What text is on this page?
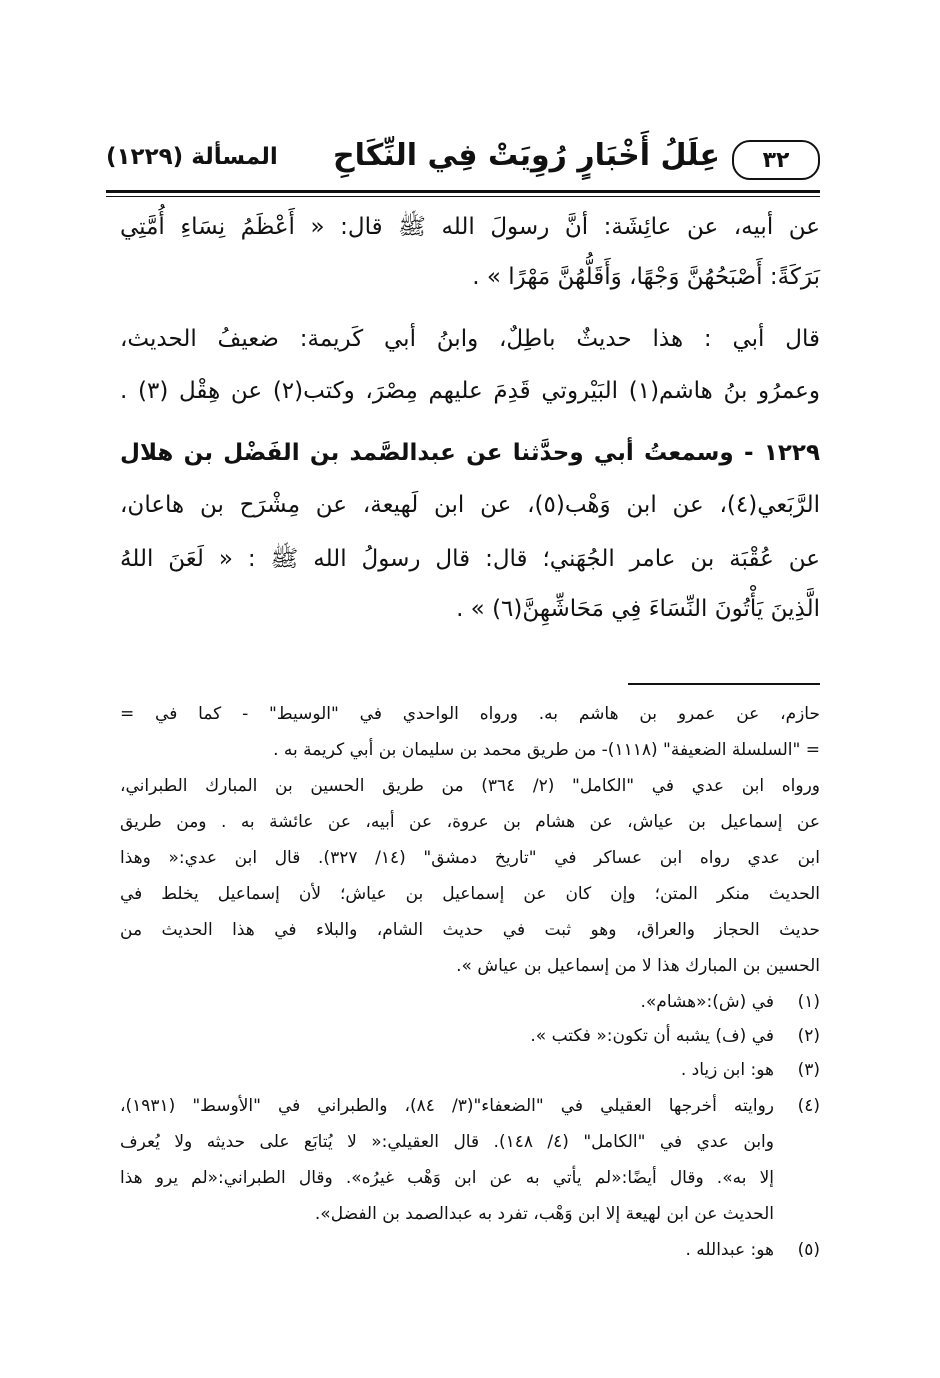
٣٢
عِلَلُ أَخْبَارٍ رُوِيَتْ فِي النِّكَاحِ
المسألة (١٢٢٩)
عن أبيه، عن عائِشَة: أنَّ رسولَ الله ﷺ قال: « أَعْظَمُ نِسَاءِ أُمَّتِي
بَرَكَةً: أَصْبَحُهُنَّ وَجْهًا، وَأَقَلُّهُنَّ مَهْرًا » .
قال أبي : هذا حديثٌ باطِلٌ، وابنُ أبي كَريمة: ضعيفُ الحديث،
وعمرُو بنُ هاشم(١) البَيْروتي قَدِمَ عليهم مِصْرَ، وكتب(٢) عن هِقْل (٣) .
١٢٢٩ - وسمعتُ أبي وحدَّثنا عن عبدالصَّمد بن الفَضْل بن هلال
الرَّبَعي(٤)، عن ابن وَهْب(٥)، عن ابن لَهيعة، عن مِشْرَح بن هاعان،
عن عُقْبَة بن عامر الجُهَني؛ قال: قال رسولُ الله ﷺ : « لَعَنَ اللهُ
الَّذِينَ يَأْتُونَ النِّسَاءَ فِي مَحَاشِّهِنَّ(٦) » .
حازم، عن عمرو بن هاشم به. ورواه الواحدي في "الوسيط" - كما في =
= "السلسلة الضعيفة" (١١١٨)- من طريق محمد بن سليمان بن أبي كريمة به .
ورواه ابن عدي في "الكامل" (٢/ ٣٦٤) من طريق الحسين بن المبارك الطبراني،
عن إسماعيل بن عياش، عن هشام بن عروة، عن أبيه، عن عائشة به . ومن طريق
ابن عدي رواه ابن عساكر في "تاريخ دمشق" (١٤/ ٣٢٧). قال ابن عدي:« وهذا
الحديث منكر المتن؛ وإن كان عن إسماعيل بن عياش؛ لأن إسماعيل يخلط في
حديث الحجاز والعراق، وهو ثبت في حديث الشام، والبلاء في هذا الحديث من
الحسين بن المبارك هذا لا من إسماعيل بن عياش ».
(١)
في (ش):«هشام».
(٢)
في (ف) يشبه أن تكون:« فكتب ».
(٣)
هو: ابن زياد .
(٤)
روايته أخرجها العقيلي في "الضعفاء"(٣/ ٨٤)، والطبراني في "الأوسط" (١٩٣١)،
وابن عدي في "الكامل" (٤/ ١٤٨). قال العقيلي:« لا يُتابَع على حديثه ولا يُعرف
إلا به». وقال أيضًا:«لم يأتي به عن ابن وَهْب غيرُه». وقال الطبراني:«لم يرو هذا
الحديث عن ابن لهيعة إلا ابن وَهْب، تفرد به عبدالصمد بن الفضل».
(٥)
هو: عبدالله .
